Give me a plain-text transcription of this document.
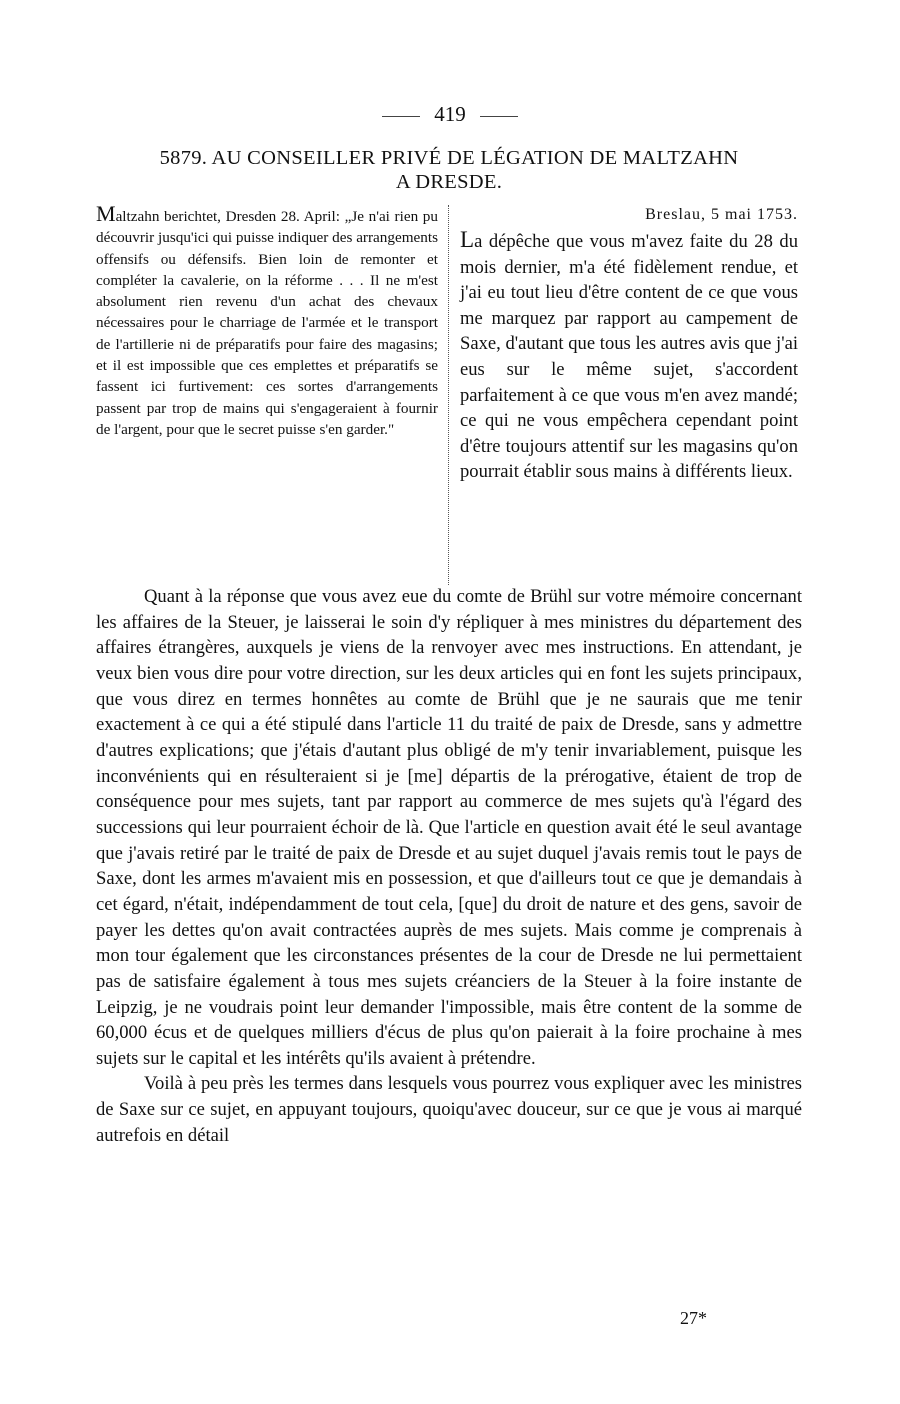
419
5879. AU CONSEILLER PRIVÉ DE LÉGATION DE MALTZAHN
A DRESDE.
Maltzahn berichtet, Dresden 28. April: „Je n'ai rien pu découvrir jusqu'ici qui puisse indiquer des arrangements offensifs ou défensifs. Bien loin de remonter et compléter la cavalerie, on la réforme . . . Il ne m'est absolument rien revenu d'un achat des chevaux nécessaires pour le charriage de l'armée et le transport de l'artillerie ni de préparatifs pour faire des magasins; et il est impossible que ces emplettes et préparatifs se fassent ici furtivement: ces sortes d'arrangements passent par trop de mains qui s'engageraient à fournir de l'argent, pour que le secret puisse s'en garder."
Breslau, 5 mai 1753.
La dépêche que vous m'avez faite du 28 du mois dernier, m'a été fidèlement rendue, et j'ai eu tout lieu d'être content de ce que vous me marquez par rapport au campement de Saxe, d'autant que tous les autres avis que j'ai eus sur le même sujet, s'accordent parfaitement à ce que vous m'en avez mandé; ce qui ne vous empêchera cependant point d'être toujours attentif sur les magasins qu'on pourrait établir sous mains à différents lieux.

Quant à la réponse que vous avez eue du comte de Brühl sur votre mémoire concernant les affaires de la Steuer, je laisserai le soin d'y répliquer à mes ministres du département des affaires étrangères, auxquels je viens de la renvoyer avec mes instructions. En attendant, je veux bien vous dire pour votre direction, sur les deux articles qui en font les sujets principaux, que vous direz en termes honnêtes au comte de Brühl que je ne saurais que me tenir exactement à ce qui a été stipulé dans l'article 11 du traité de paix de Dresde, sans y admettre d'autres explications; que j'étais d'autant plus obligé de m'y tenir invariablement, puisque les inconvénients qui en résulteraient si je [me] départis de la prérogative, étaient de trop de conséquence pour mes sujets, tant par rapport au commerce de mes sujets qu'à l'égard des successions qui leur pourraient échoir de là. Que l'article en question avait été le seul avantage que j'avais retiré par le traité de paix de Dresde et au sujet duquel j'avais remis tout le pays de Saxe, dont les armes m'avaient mis en possession, et que d'ailleurs tout ce que je demandais à cet égard, n'était, indépendamment de tout cela, [que] du droit de nature et des gens, savoir de payer les dettes qu'on avait contractées auprès de mes sujets. Mais comme je comprenais à mon tour également que les circonstances présentes de la cour de Dresde ne lui permettaient pas de satisfaire également à tous mes sujets créanciers de la Steuer à la foire instante de Leipzig, je ne voudrais point leur demander l'impossible, mais être content de la somme de 60,000 écus et de quelques milliers d'écus de plus qu'on paierait à la foire prochaine à mes sujets sur le capital et les intérêts qu'ils avaient à prétendre.

Voilà à peu près les termes dans lesquels vous pourrez vous expliquer avec les ministres de Saxe sur ce sujet, en appuyant toujours, quoiqu'avec douceur, sur ce que je vous ai marqué autrefois en détail

27*
